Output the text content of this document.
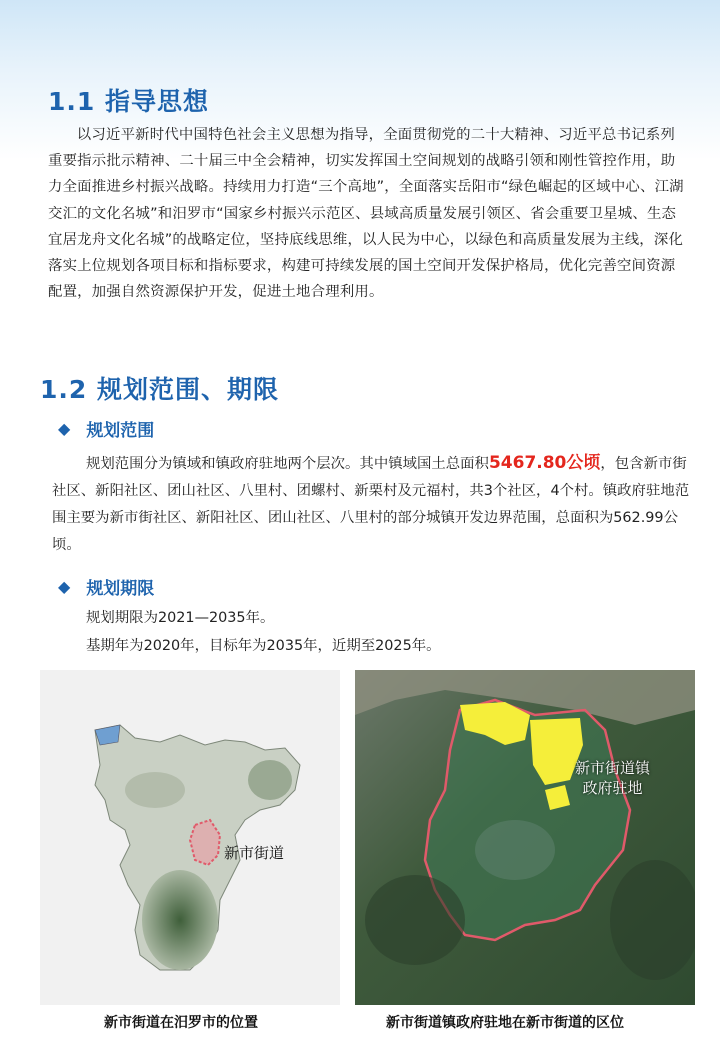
1.1 指导思想

以习近平新时代中国特色社会主义思想为指导，全面贯彻党的二十大精神、习近平总书记系列重要指示批示精神、二十届三中全会精神，切实发挥国土空间规划的战略引领和刚性管控作用，助力全面推进乡村振兴战略。持续用力打造“三个高地”，全面落实岳阳市“绿色崛起的区域中心、江湖交汇的文化名城”和汨罗市“国家乡村振兴示范区、县域高质量发展引领区、省会重要卫星城、生态宜居龙舟文化名城”的战略定位，坚持底线思维，以人民为中心，以绿色和高质量发展为主线，深化落实上位规划各项目标和指标要求，构建可持续发展的国土空间开发保护格局，优化完善空间资源配置，加强自然资源保护开发，促进土地合理利用。

1.2 规划范围、期限
◆ 规划范围

规划范围分为镇域和镇政府驻地两个层次。其中镇域国土总面积5467.80公顷，包含新市街社区、新阳社区、团山社区、八里村、团螺村、新栗村及元福村，共3个社区，4个村。镇政府驻地范围主要为新市街社区、新阳社区、团山社区、八里村的部分城镇开发边界范围，总面积为562.99公顷。

◆ 规划期限
规划期限为2021—2035年。
基期年为2020年，目标年为2035年，近期至2025年。
新市街道
新市街道镇
政府驻地
新市街道在汨罗市的位置	新市街道镇政府驻地在新市街道的区位
